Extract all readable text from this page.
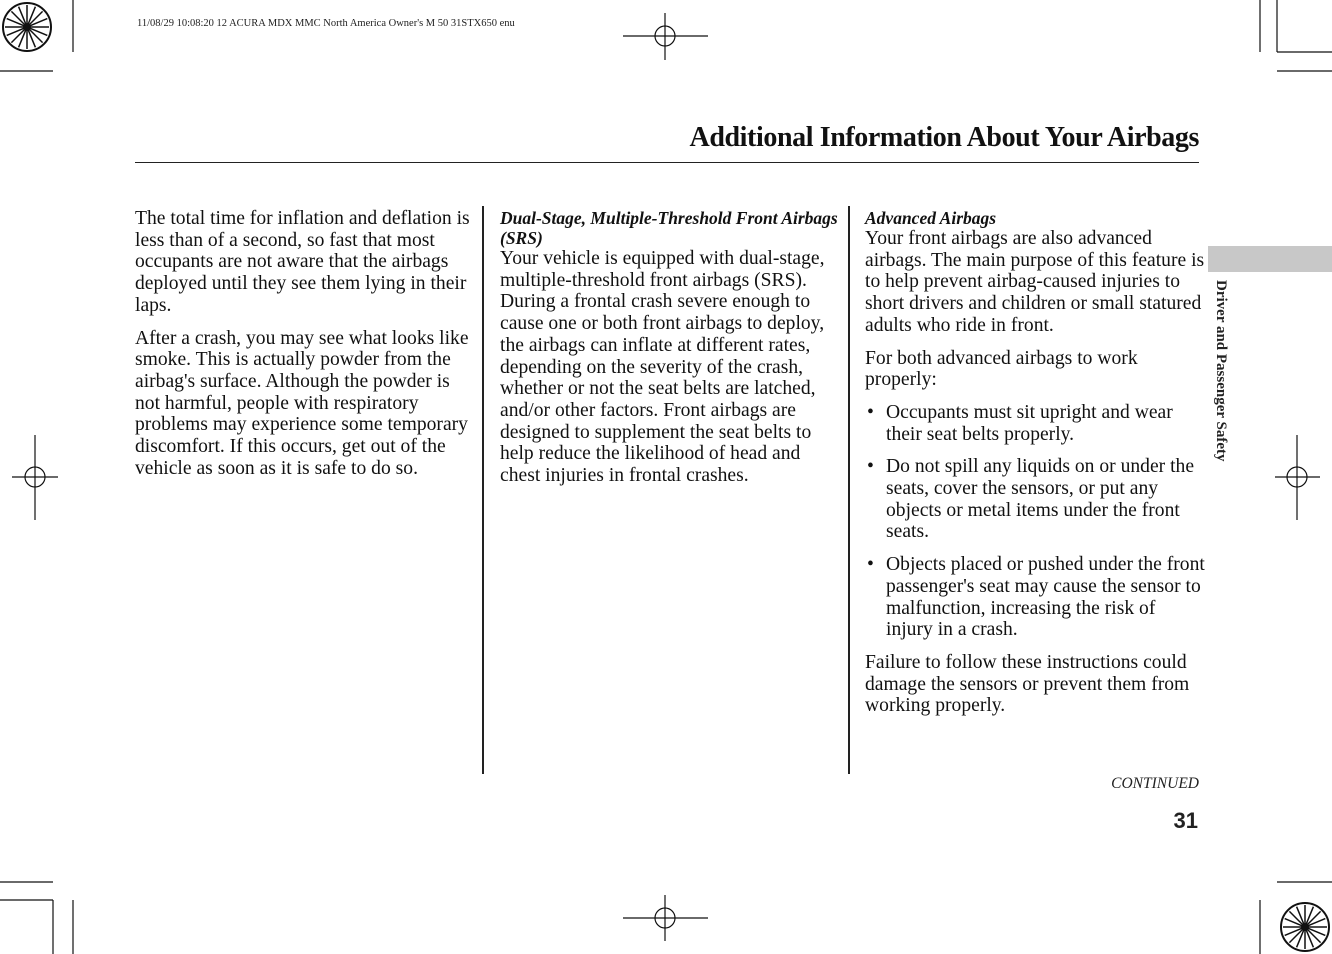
11/08/29 10:08:20 12 ACURA MDX MMC North America Owner's M 50 31STX650 enu
Additional Information About Your Airbags
Driver and Passenger Safety

The total time for inflation and deflation is less than of a second, so fast that most occupants are not aware that the airbags deployed until they see them lying in their laps.

After a crash, you may see what looks like smoke. This is actually powder from the airbag's surface. Although the powder is not harmful, people with respiratory problems may experience some temporary discomfort. If this occurs, get out of the vehicle as soon as it is safe to do so.

Dual-Stage, Multiple-Threshold Front Airbags (SRS)

Your vehicle is equipped with dual-stage, multiple-threshold front airbags (SRS). During a frontal crash severe enough to cause one or both front airbags to deploy, the airbags can inflate at different rates, depending on the severity of the crash, whether or not the seat belts are latched, and/or other factors. Front airbags are designed to supplement the seat belts to help reduce the likelihood of head and chest injuries in frontal crashes.

Advanced Airbags

Your front airbags are also advanced airbags. The main purpose of this feature is to help prevent airbag-caused injuries to short drivers and children or small statured adults who ride in front.

For both advanced airbags to work properly:

• Occupants must sit upright and wear their seat belts properly.
• Do not spill any liquids on or under the seats, cover the sensors, or put any objects or metal items under the front seats.
• Objects placed or pushed under the front passenger's seat may cause the sensor to malfunction, increasing the risk of injury in a crash.

Failure to follow these instructions could damage the sensors or prevent them from working properly.

CONTINUED
31
